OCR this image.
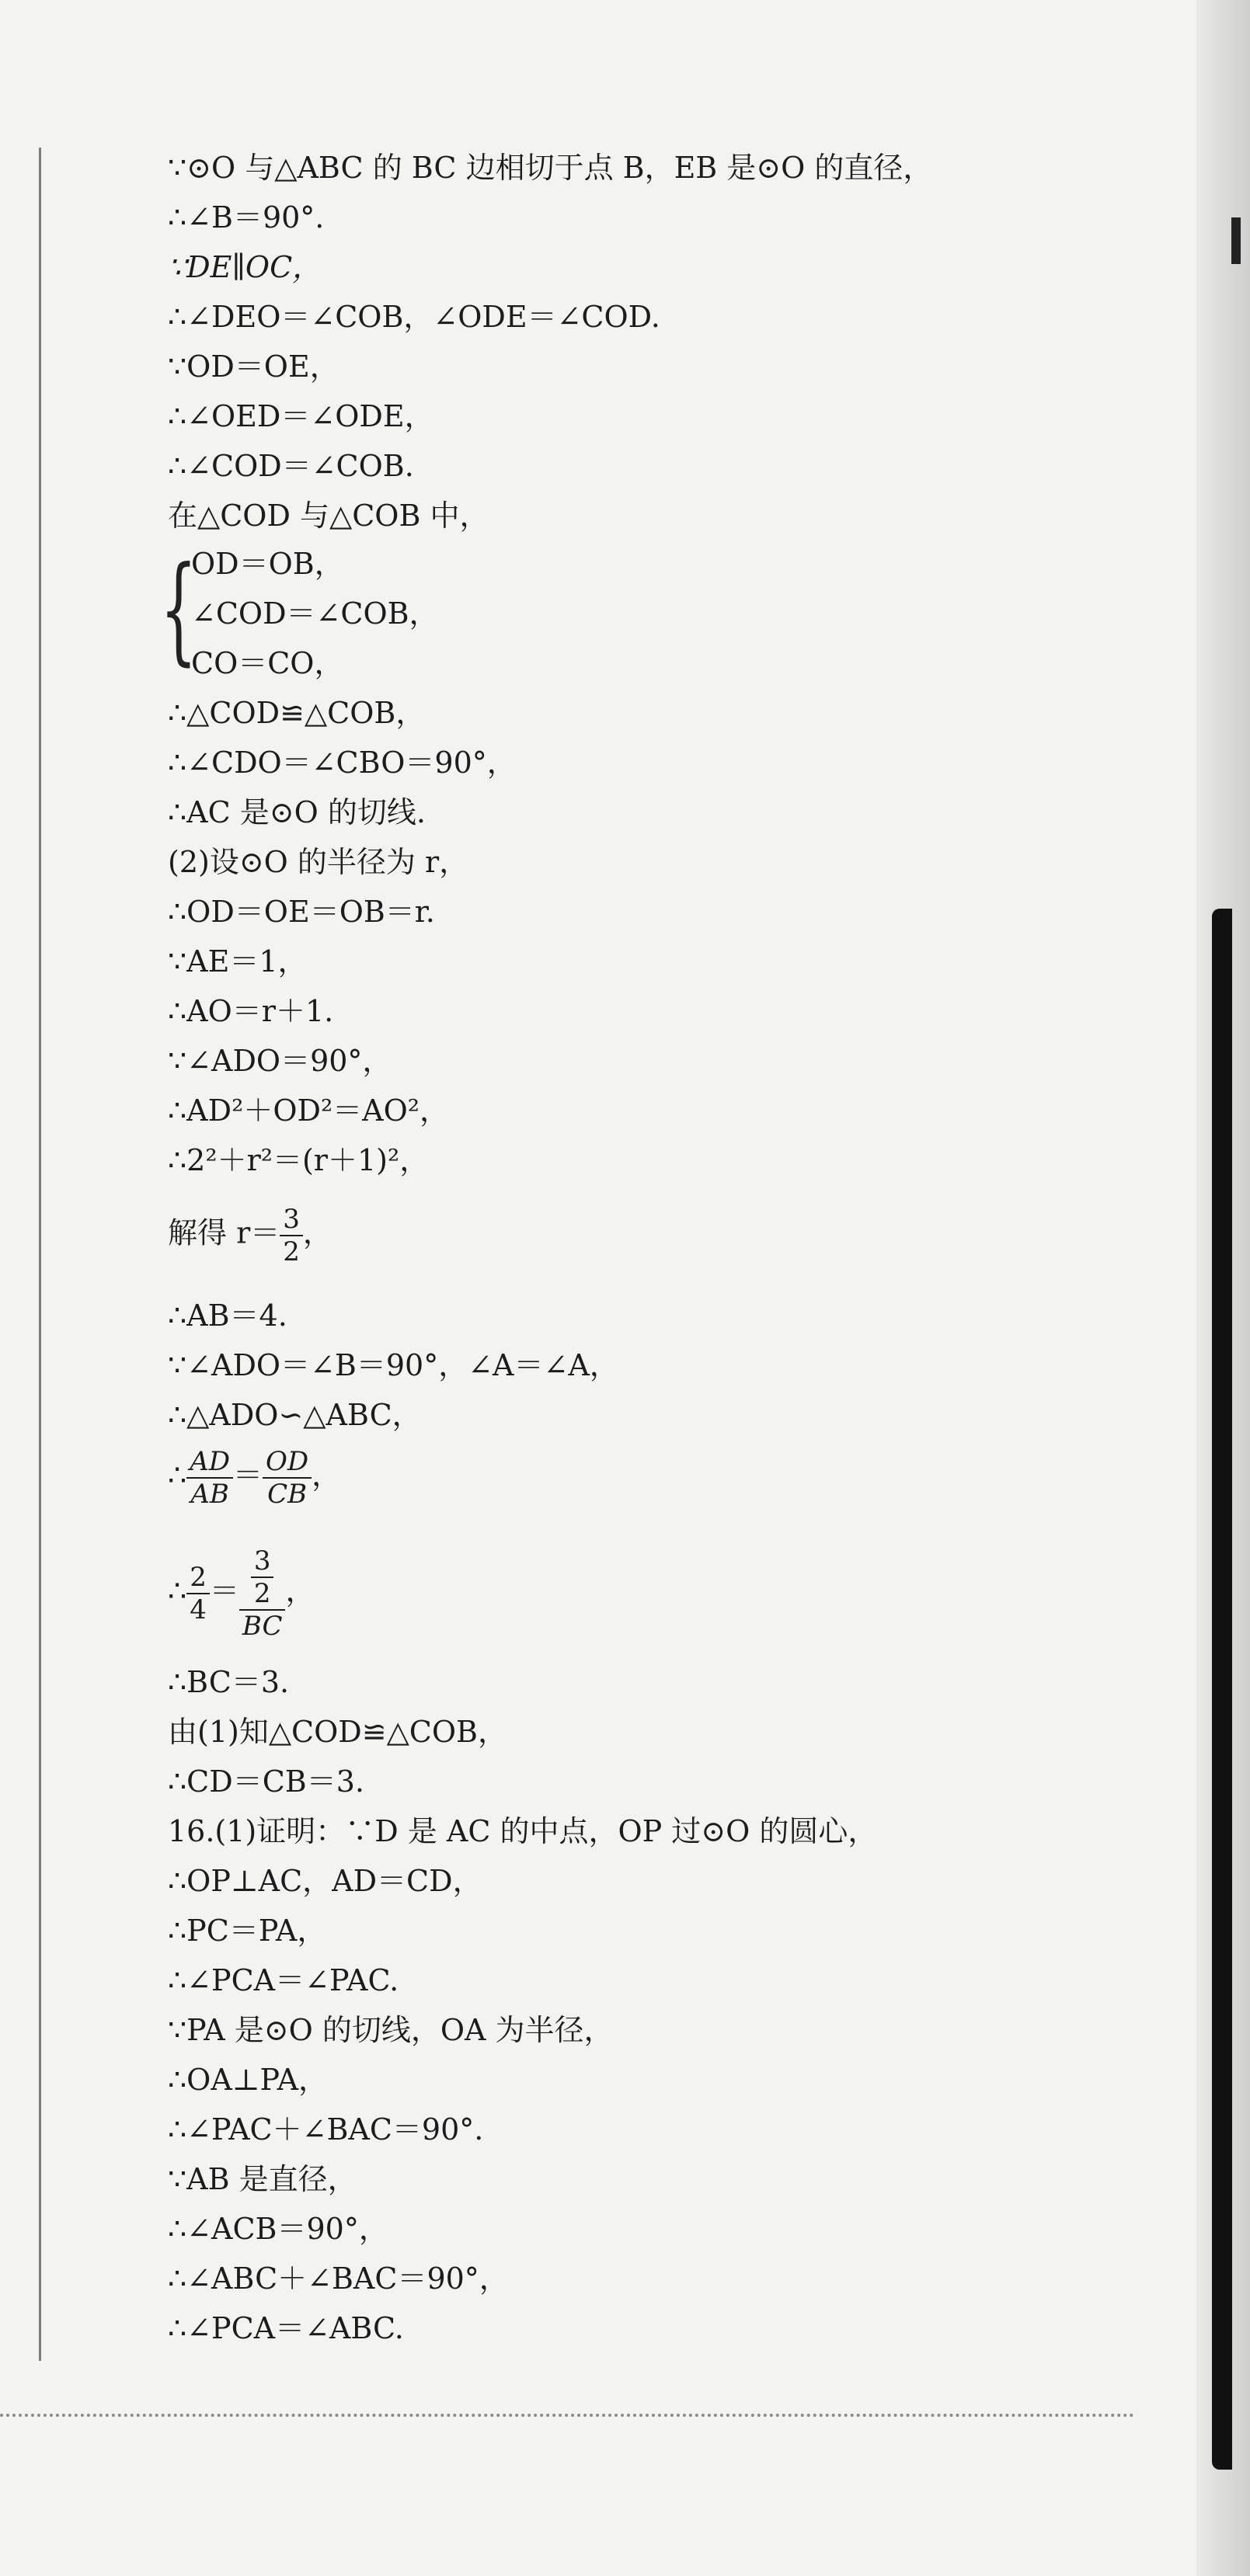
∵⊙O 与△ABC 的 BC 边相切于点 B，EB 是⊙O 的直径，
∴∠B＝90°.
∵DE∥OC，
∴∠DEO＝∠COB，∠ODE＝∠COD.
∵OD＝OE，
∴∠OED＝∠ODE，
∴∠COD＝∠COB.
在△COD 与△COB 中，
{
OD＝OB，
∠COD＝∠COB，
CO＝CO，
∴△COD≌△COB，
∴∠CDO＝∠CBO＝90°，
∴AC 是⊙O 的切线.
(2)设⊙O 的半径为 r，
∴OD＝OE＝OB＝r.
∵AE＝1，
∴AO＝r＋1.
∵∠ADO＝90°，
∴AD²＋OD²＝AO²，
∴2²＋r²＝(r＋1)²，
解得 $r= \frac{3}{2}$ ，
∴AB＝4.
∵∠ADO＝∠B＝90°，∠A＝∠A，
∴△ADO∽△ABC，
∴ $\frac{AD}{AB} = \frac{OD}{CB}$ ，
∴ $\frac{2}{4} = \frac{\frac{3}{2}}{BC}$ ，
∴BC＝3.
由(1)知△COD≌△COB，
∴CD＝CB＝3.
16.(1)证明：∵D 是 AC 的中点，OP 过⊙O 的圆心，
∴OP⊥AC，AD＝CD，
∴PC＝PA，
∴∠PCA＝∠PAC.
∵PA 是⊙O 的切线，OA 为半径，
∴OA⊥PA，
∴∠PAC＋∠BAC＝90°.
∵AB 是直径，
∴∠ACB＝90°，
∴∠ABC＋∠BAC＝90°，
∴∠PCA＝∠ABC.
